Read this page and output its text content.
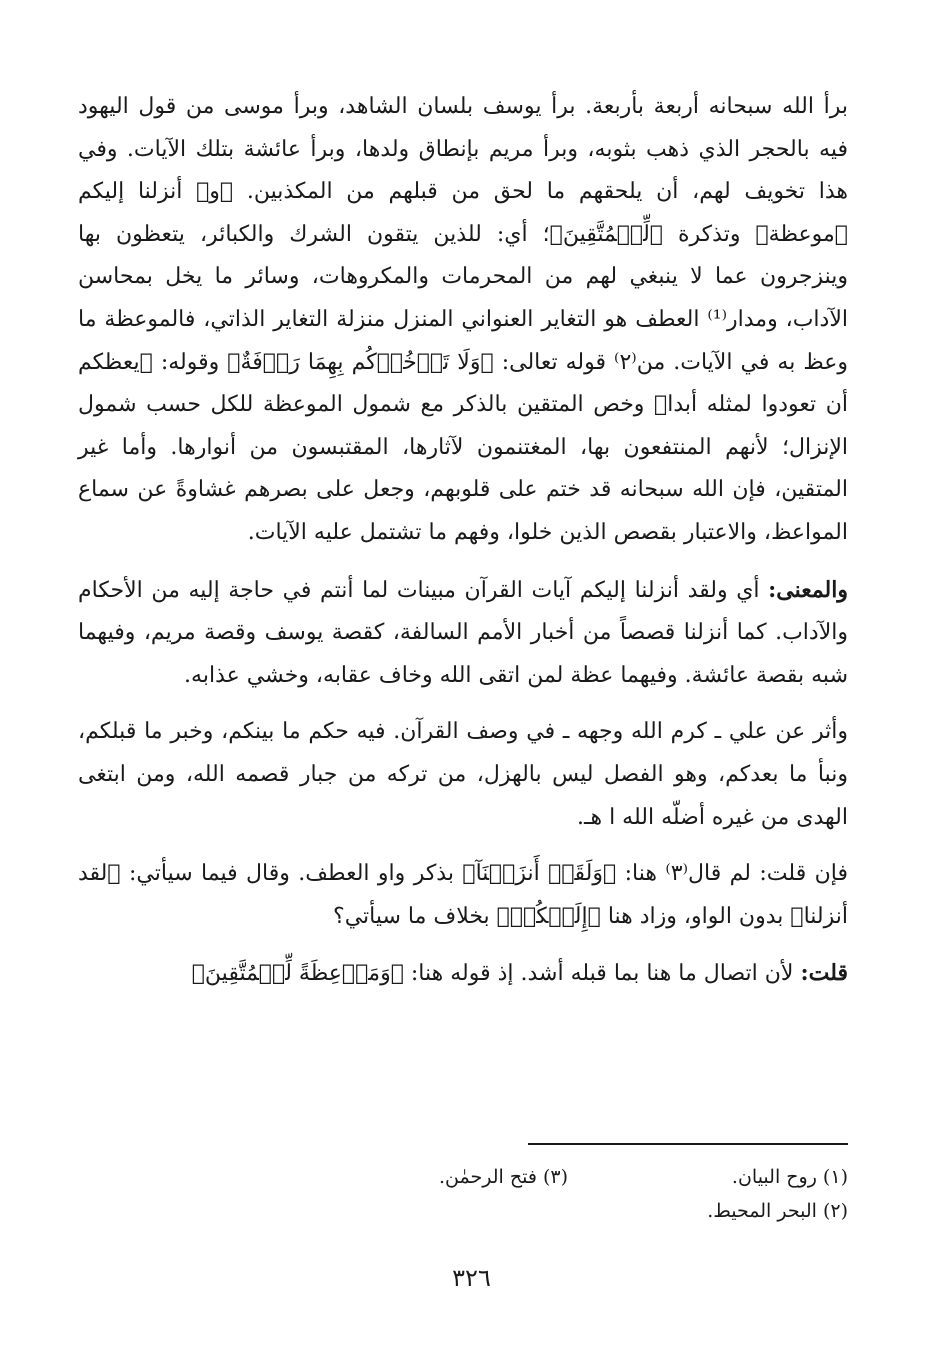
برأ الله سبحانه أربعة بأربعة. برأ يوسف بلسان الشاهد، وبرأ موسى من قول اليهود فيه بالحجر الذي ذهب بثوبه، وبرأ مريم بإنطاق ولدها، وبرأ عائشة بتلك الآيات. وفي هذا تخويف لهم، أن يلحقهم ما لحق من قبلهم من المكذبين. ﴿و﴾ أنزلنا إليكم ﴿موعظة﴾ وتذكرة ﴿لِّلۡمُتَّقِينَ﴾؛ أي: للذين يتقون الشرك والكبائر، يتعظون بها وينزجرون عما لا ينبغي لهم من المحرمات والمكروهات، وسائر ما يخل بمحاسن الآداب، ومدار⁽¹⁾ العطف هو التغاير العنواني المنزل منزلة التغاير الذاتي، فالموعظة ما وعظ به في الآيات. من⁽٢⁾ قوله تعالى: ﴿وَلَا تَأۡخُذۡكُم بِهِمَا رَأۡفَةٌ﴾ وقوله: ﴿يعظكم أن تعودوا لمثله أبدا﴾ وخص المتقين بالذكر مع شمول الموعظة للكل حسب شمول الإنزال؛ لأنهم المنتفعون بها، المغتنمون لآثارها، المقتبسون من أنوارها. وأما غير المتقين، فإن الله سبحانه قد ختم على قلوبهم، وجعل على بصرهم غشاوةً عن سماع المواعظ، والاعتبار بقصص الذين خلوا، وفهم ما تشتمل عليه الآيات.

والمعنى: أي ولقد أنزلنا إليكم آيات القرآن مبينات لما أنتم في حاجة إليه من الأحكام والآداب. كما أنزلنا قصصاً من أخبار الأمم السالفة، كقصة يوسف وقصة مريم، وفيهما شبه بقصة عائشة. وفيهما عظة لمن اتقى الله وخاف عقابه، وخشي عذابه.

وأثر عن علي ـ كرم الله وجهه ـ في وصف القرآن. فيه حكم ما بينكم، وخبر ما قبلكم، ونبأ ما بعدكم، وهو الفصل ليس بالهزل، من تركه من جبار قصمه الله، ومن ابتغى الهدى من غيره أضلّه الله ا هـ.

فإن قلت: لم قال⁽٣⁾ هنا: ﴿وَلَقَدۡ أَنزَلۡنَآ﴾ بذكر واو العطف. وقال فيما سيأتي: ﴿لقد أنزلنا﴾ بدون الواو، وزاد هنا ﴿إِلَيۡكُمۡ﴾ بخلاف ما سيأتي؟

قلت: لأن اتصال ما هنا بما قبله أشد. إذ قوله هنا: ﴿وَمَوۡعِظَةً لِّلۡمُتَّقِينَ﴾

(١) روح البيان.
(٣) فتح الرحمٰن.
(٢) البحر المحيط.
٣٢٦
